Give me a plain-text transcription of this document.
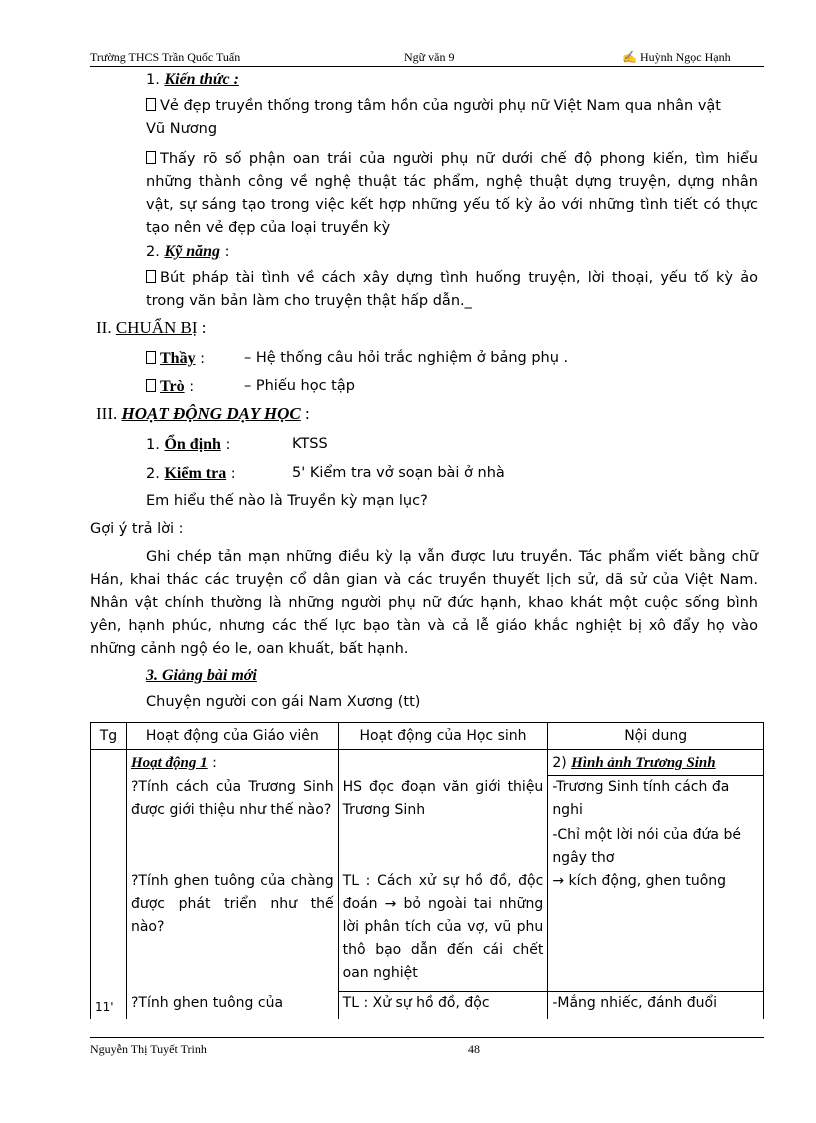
Trường THCS Trần Quốc Tuấn	Ngữ văn 9	✍ Huỳnh Ngọc Hạnh
1. Kiến thức :
Vẻ đẹp truyền thống trong tâm hồn của người phụ nữ Việt Nam qua nhân vật
Vũ Nương
Thấy rõ số phận oan trái của người phụ nữ dưới chế độ phong kiến, tìm hiểu những thành công về nghệ thuật tác phẩm, nghệ thuật dựng truyện, dựng nhân vật, sự sáng tạo trong việc kết hợp những yếu tố kỳ ảo với những tình tiết có thực tạo nên vẻ đẹp của loại truyền kỳ
2. Kỹ năng :
Bút pháp tài tình về cách xây dựng tình huống truyện, lời thoại, yếu tố kỳ ảo trong văn bản làm cho truyện thật hấp dẫn._
II. CHUẨN BỊ :
Thầy :	– Hệ thống câu hỏi trắc nghiệm ở bảng phụ .
Trò :	– Phiếu học tập
III. HOẠT ĐỘNG DẠY HỌC :
1. Ổn định :	KTSS
2. Kiểm tra :	5' Kiểm tra vở soạn bài ở nhà
Em hiểu thế nào là Truyền kỳ mạn lục?
Gợi ý trả lời :
Ghi chép tản mạn những điều kỳ lạ vẫn được lưu truyền. Tác phẩm viết bằng chữ Hán, khai thác các truyện cổ dân gian và các truyền thuyết lịch sử, dã sử của Việt Nam. Nhân vật chính thường là những người phụ nữ đức hạnh, khao khát một cuộc sống bình yên, hạnh phúc, nhưng các thế lực bạo tàn và cả lễ giáo khắc nghiệt bị xô đẩy họ vào những cảnh ngộ éo le, oan khuất, bất hạnh.
3. Giảng bài mới
Chuyện người con gái Nam Xương (tt)
Tg	Hoạt động của Giáo viên	Hoạt động của Học sinh	Nội dung
	Hoạt động 1 :		2) Hình ảnh Trương Sinh
	?Tính cách của Trương Sinh được giới thiệu như thế nào?	HS đọc đoạn văn giới thiệu Trương Sinh	-Trương Sinh tính cách đa nghi
-Chỉ một lời nói của đứa bé ngây thơ

	?Tính ghen tuông của chàng được phát triển như thế nào?	TL : Cách xử sự hồ đồ, độc đoán → bỏ ngoài tai những lời phân tích của vợ, vũ phu thô bạo dẫn đến cái chết oan nghiệt	→ kích động, ghen tuông
11'	?Tính ghen tuông của	TL : Xử sự hồ đồ, độc	-Mắng nhiếc, đánh đuổi
Nguyễn Thị Tuyết Trinh	48
